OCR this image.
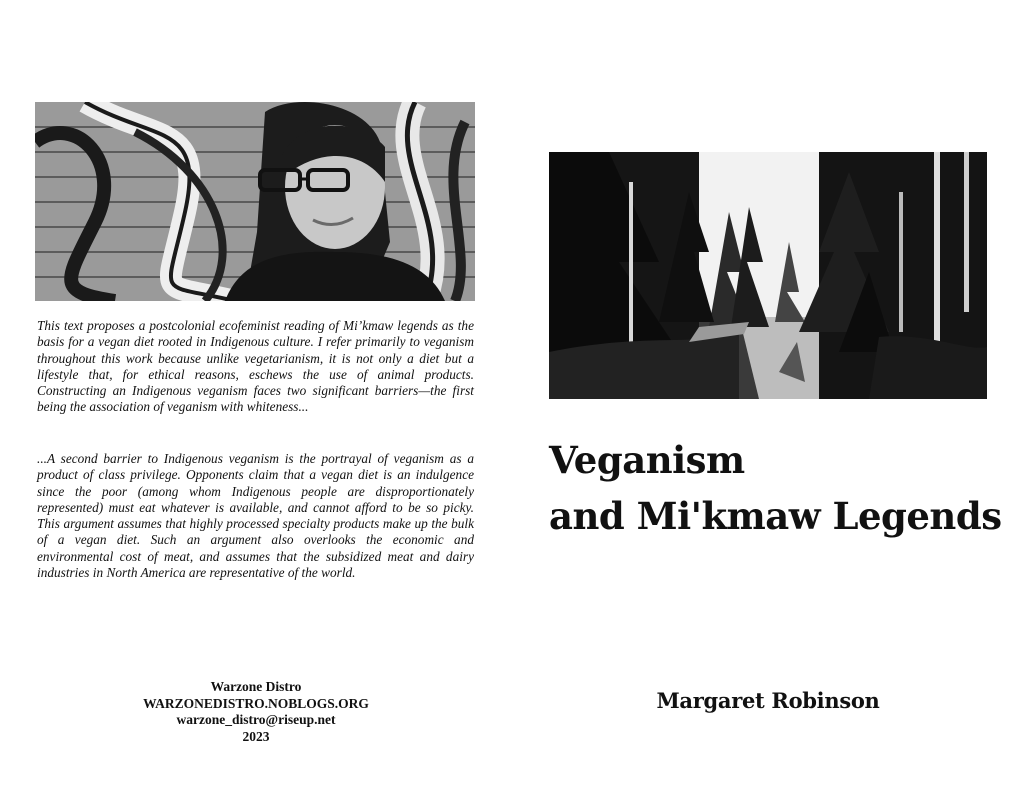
This text proposes a postcolonial ecofeminist reading of Mi’kmaw legends as the basis for a vegan diet rooted in Indigenous culture. I refer primarily to veganism throughout this work because unlike vegetarianism, it is not only a diet but a lifestyle that, for ethical reasons, eschews the use of animal products. Constructing an Indigenous veganism faces two significant barriers—the first being the association of veganism with whiteness...

...A second barrier to Indigenous veganism is the portrayal of veganism as a product of class privilege. Opponents claim that a vegan diet is an indulgence since the poor (among whom Indigenous people are disproportionately represented) must eat whatever is available, and cannot afford to be so picky. This argument assumes that highly processed specialty products make up the bulk of a vegan diet. Such an argument also overlooks the economic and environmental cost of meat, and assumes that the subsidized meat and dairy industries in North America are representative of the world.

Warzone Distro
WARZONEDISTRO.NOBLOGS.ORG
warzone_distro@riseup.net
2023
Veganism
and Mi'kmaw Legends
Margaret Robinson
